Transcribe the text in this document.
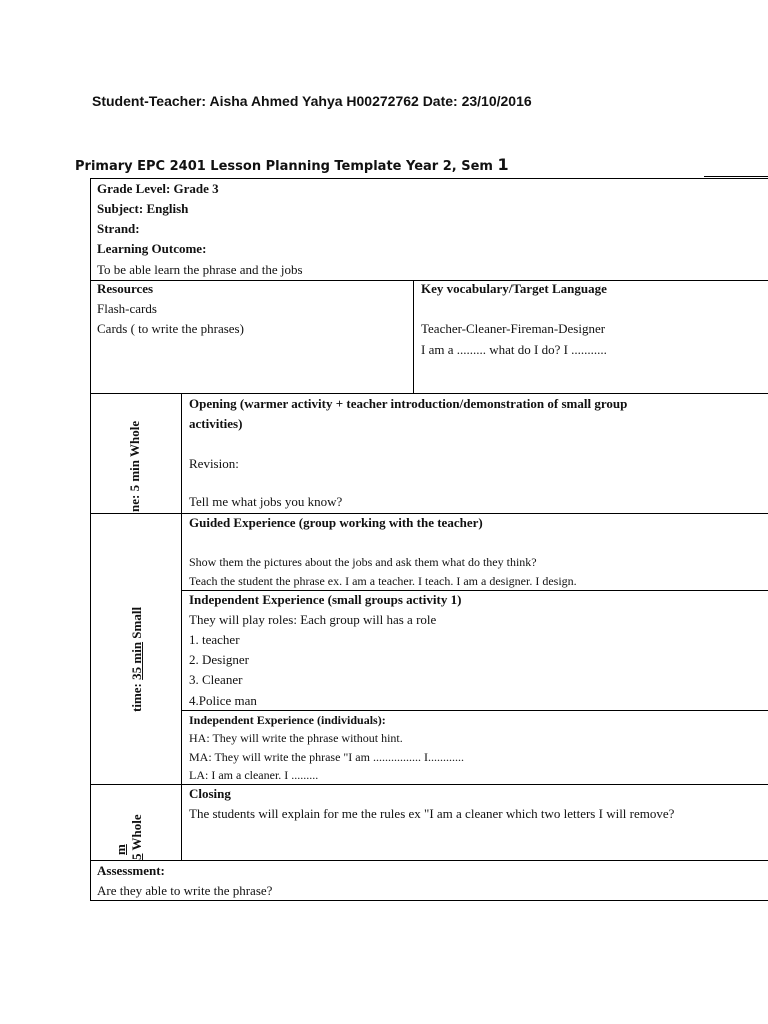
Student-Teacher: Aisha Ahmed Yahya H00272762 Date: 23/10/2016
Primary EPC 2401 Lesson Planning Template Year 2, Sem 1
Grade Level: Grade 3
Subject: English
Strand:
Learning Outcome:
To be able learn the phrase and the jobs
Resources
Flash-cards
Cards ( to write the phrases)
Key vocabulary/Target Language
Teacher-Cleaner-Fireman-Designer
I am a ......... what do I do? I ...........
ne: 5 min Whole
Opening (warmer activity + teacher introduction/demonstration of small group
activities)
Revision:
Tell me what jobs you know?
time: 35 min Small
Guided Experience (group working with the teacher)
Show them the pictures about the jobs and ask them what do they think?
Teach the student the phrase ex. I am a teacher. I teach. I am a designer. I design.
Independent Experience (small groups activity 1)
They will play roles: Each group will has a role
1. teacher
2. Designer
3. Cleaner
4.Police man
Independent Experience (individuals):
HA: They will write the phrase without hint.
MA: They will write the phrase "I am ................ I............
LA: I am a cleaner. I .........
5 Whole
m
Closing
The students will explain for me the rules ex "I am a cleaner which two letters I will remove?
Assessment:
Are they able to write the phrase?
